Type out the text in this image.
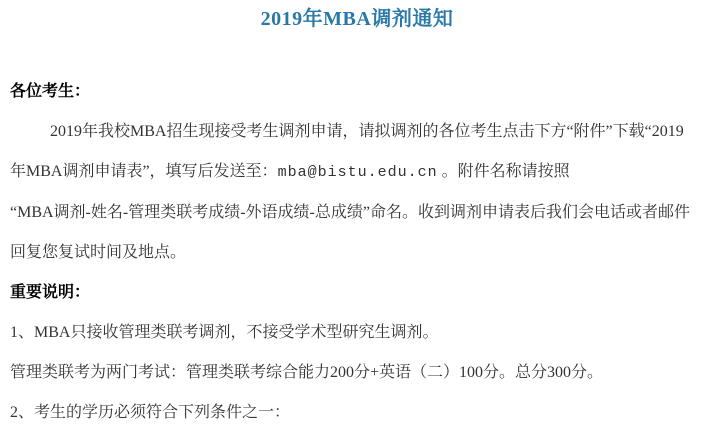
2019年MBA调剂通知
各位考生：
2019年我校MBA招生现接受考生调剂申请，请拟调剂的各位考生点击下方“附件”下载“2019
年MBA调剂申请表”，填写后发送至：mba@bistu.edu.cn 。附件名称请按照
“MBA调剂-姓名-管理类联考成绩-外语成绩-总成绩”命名。收到调剂申请表后我们会电话或者邮件
回复您复试时间及地点。
重要说明：
1、MBA只接收管理类联考调剂，不接受学术型研究生调剂。
管理类联考为两门考试：管理类联考综合能力200分+英语（二）100分。总分300分。
2、考生的学历必须符合下列条件之一：
